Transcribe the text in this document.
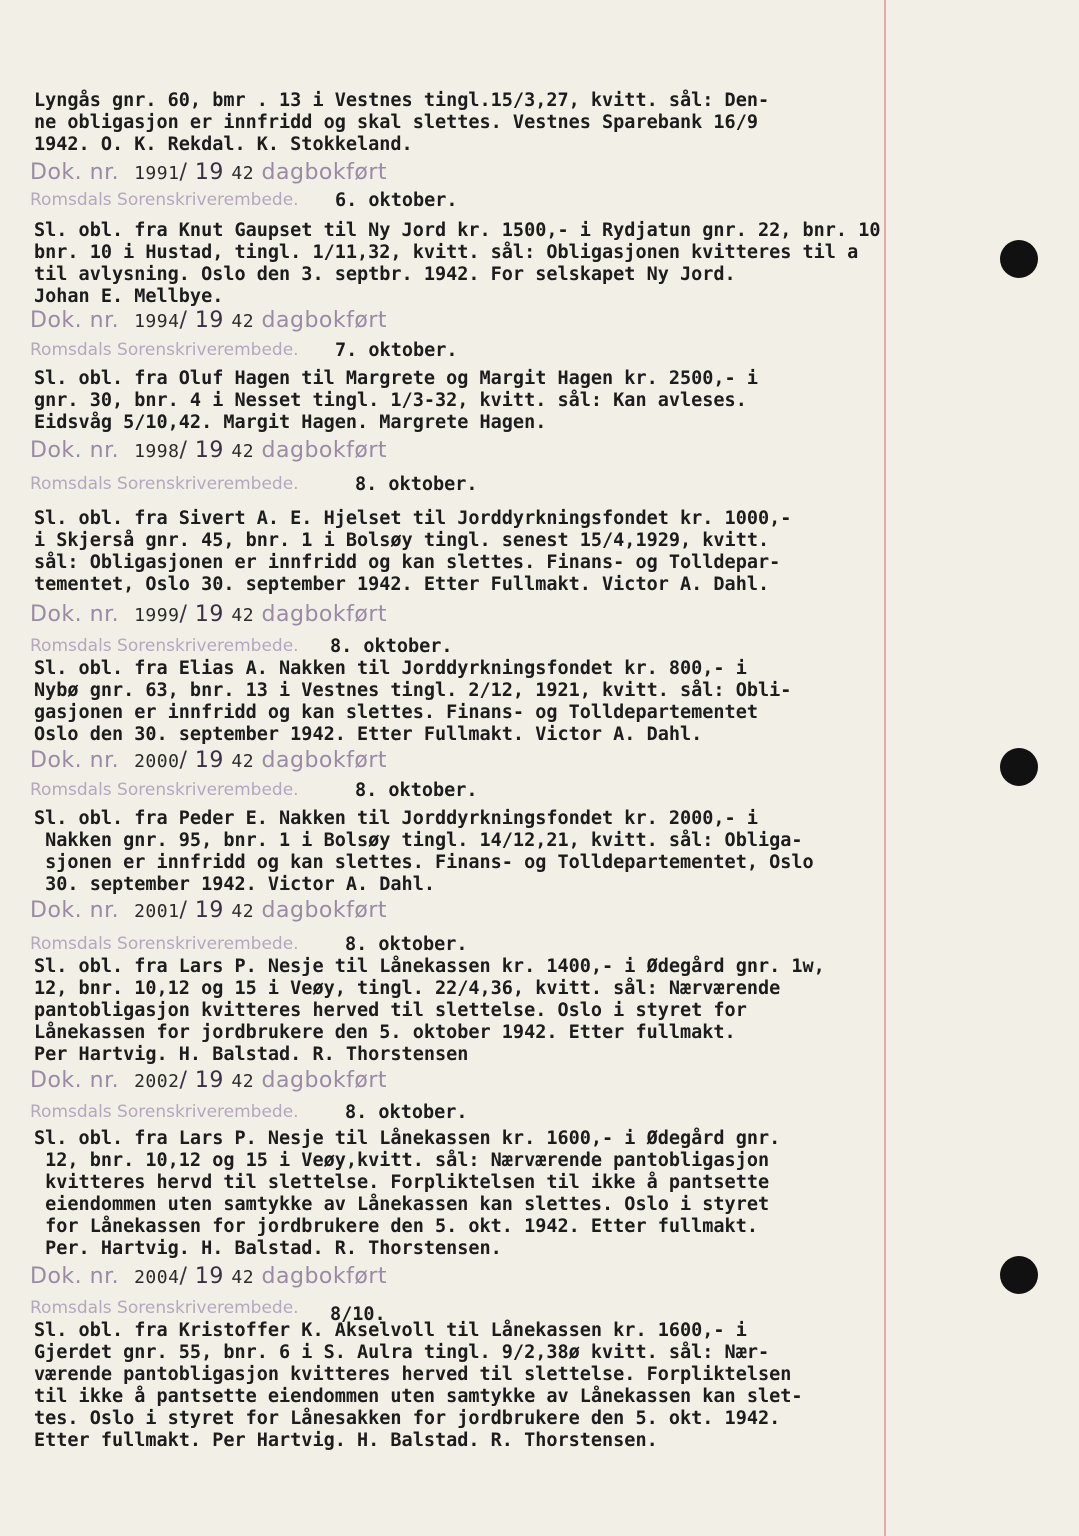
Lyngås gnr. 60, bmr . 13 i Vestnes tingl.15/3,27, kvitt. sål: Den-
ne obligasjon er innfridd og skal slettes. Vestnes Sparebank 16/9
1942. O. K. Rekdal. K. Stokkeland.
Dok. nr. 1991/ 19 42 dagbokført
Romsdals Sorenskriverembede. 6. oktober.
Sl. obl. fra Knut Gaupset til Ny Jord kr. 1500,- i Rydjatun gnr. 22, bnr. 10
bnr. 10 i Hustad, tingl. 1/11,32, kvitt. sål: Obligasjonen kvitteres til a
til avlysning. Oslo den 3. septbr. 1942. For selskapet Ny Jord.
Johan E. Mellbye.
Dok. nr. 1994/ 19 42 dagbokført
Romsdals Sorenskriverembede. 7. oktober.
Sl. obl. fra Oluf Hagen til Margrete og Margit Hagen kr. 2500,- i
gnr. 30, bnr. 4 i Nesset tingl. 1/3-32, kvitt. sål: Kan avleses.
Eidsvåg 5/10,42. Margit Hagen. Margrete Hagen.
Dok. nr. 1998/ 19 42 dagbokført
Romsdals Sorenskriverembede.	8. oktober.
Sl. obl. fra Sivert A. E. Hjelset til Jorddyrkningsfondet kr. 1000,-
i Skjerså gnr. 45, bnr. 1 i Bolsøy tingl. senest 15/4,1929, kvitt.
sål: Obligasjonen er innfridd og kan slettes. Finans- og Tolldepar-
tementet, Oslo 30. september 1942. Etter Fullmakt. Victor A. Dahl.
Dok. nr. 1999/ 19 42 dagbokført
Romsdals Sorenskriverembede. 8. oktober.
Sl. obl. fra Elias A. Nakken til Jorddyrkningsfondet kr. 800,- i
Nybø gnr. 63, bnr. 13 i Vestnes tingl. 2/12, 1921, kvitt. sål: Obli-
gasjonen er innfridd og kan slettes. Finans- og Tolldepartementet
Oslo den 30. september 1942. Etter Fullmakt. Victor A. Dahl.
Dok. nr. 2000/ 19 42 dagbokført
Romsdals Sorenskriverembede.	8. oktober.
Sl. obl. fra Peder E. Nakken til Jorddyrkningsfondet kr. 2000,- i
Nakken gnr. 95, bnr. 1 i Bolsøy tingl. 14/12,21, kvitt. sål: Obliga-
sjonen er innfridd og kan slettes. Finans- og Tolldepartementet, Oslo
30. september 1942. Victor A. Dahl.
Dok. nr. 2001/ 19 42 dagbokført
Romsdals Sorenskriverembede.	8. oktober.
Sl. obl. fra Lars P. Nesje til Lånekassen kr. 1400,- i Ødegård gnr. 1w,
12, bnr. 10,12 og 15 i Veøy, tingl. 22/4,36, kvitt. sål: Nærværende
pantobligasjon kvitteres herved til slettelse. Oslo i styret for
Lånekassen for jordbrukere den 5. oktober 1942. Etter fullmakt.
Per Hartvig. H. Balstad. R. Thorstensen
Dok. nr. 2002/ 19 42 dagbokført
Romsdals Sorenskriverembede.	8. oktober.
Sl. obl. fra Lars P. Nesje til Lånekassen kr. 1600,- i Ødegård gnr.
12, bnr. 10,12 og 15 i Veøy,kvitt. sål: Nærværende pantobligasjon
kvitteres hervd til slettelse. Forpliktelsen til ikke å pantsette
eiendommen uten samtykke av Lånekassen kan slettes. Oslo i styret
for Lånekassen for jordbrukere den 5. okt. 1942. Etter fullmakt.
Per. Hartvig. H. Balstad. R. Thorstensen.
Dok. nr. 2004/ 19 42 dagbokført
Romsdals Sorenskriverembede. 8/10.
Sl. obl. fra Kristoffer K. Akselvoll til Lånekassen kr. 1600,- i
Gjerdet gnr. 55, bnr. 6 i S. Aulra tingl. 9/2,38ø kvitt. sål: Nær-
værende pantobligasjon kvitteres herved til slettelse. Forpliktelsen
til ikke å pantsette eiendommen uten samtykke av Lånekassen kan slet-
tes. Oslo i styret for Lånesakken for jordbrukere den 5. okt. 1942.
Etter fullmakt. Per Hartvig. H. Balstad. R. Thorstensen.
